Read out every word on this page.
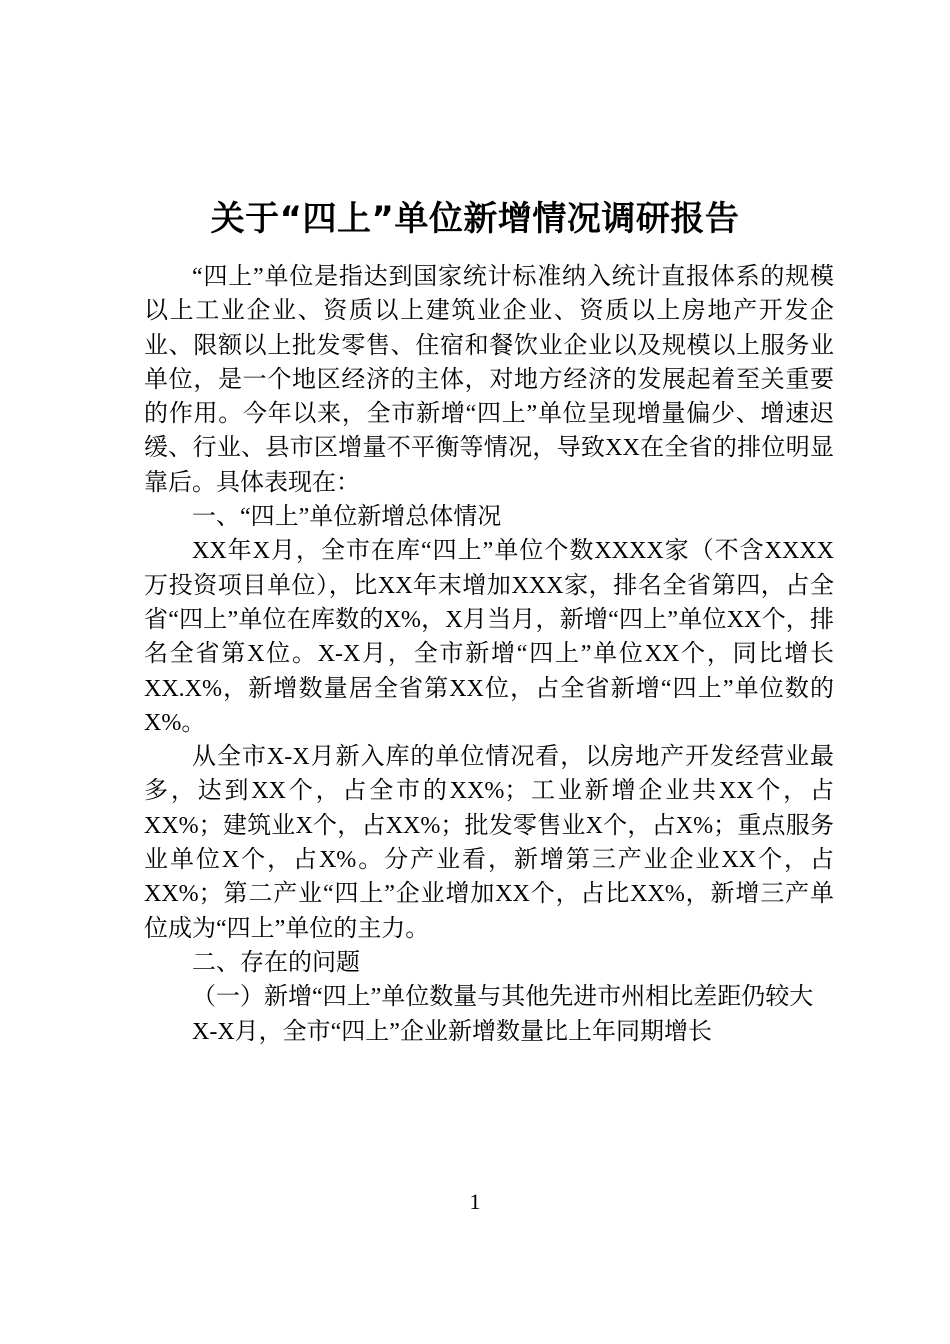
关于“四上”单位新增情况调研报告

“四上”单位是指达到国家统计标准纳入统计直报体系的规模以上工业企业、资质以上建筑业企业、资质以上房地产开发企业、限额以上批发零售、住宿和餐饮业企业以及规模以上服务业单位，是一个地区经济的主体，对地方经济的发展起着至关重要的作用。今年以来，全市新增“四上”单位呈现增量偏少、增速迟缓、行业、县市区增量不平衡等情况，导致XX在全省的排位明显靠后。具体表现在：

一、“四上”单位新增总体情况

XX年X月，全市在库“四上”单位个数XXXX家（不含XXXX万投资项目单位），比XX年末增加XXX家，排名全省第四，占全省“四上”单位在库数的X%，X月当月，新增“四上”单位XX个，排名全省第X位。X-X月，全市新增“四上”单位XX个，同比增长XX.X%，新增数量居全省第XX位，占全省新增“四上”单位数的X%。

从全市X-X月新入库的单位情况看，以房地产开发经营业最多，达到XX个，占全市的XX%；工业新增企业共XX个，占XX%；建筑业X个，占XX%；批发零售业X个，占X%；重点服务业单位X个，占X%。分产业看，新增第三产业企业XX个，占XX%；第二产业“四上”企业增加XX个，占比XX%，新增三产单位成为“四上”单位的主力。

二、存在的问题

（一）新增“四上”单位数量与其他先进市州相比差距仍较大

X-X月，全市“四上”企业新增数量比上年同期增长

1
